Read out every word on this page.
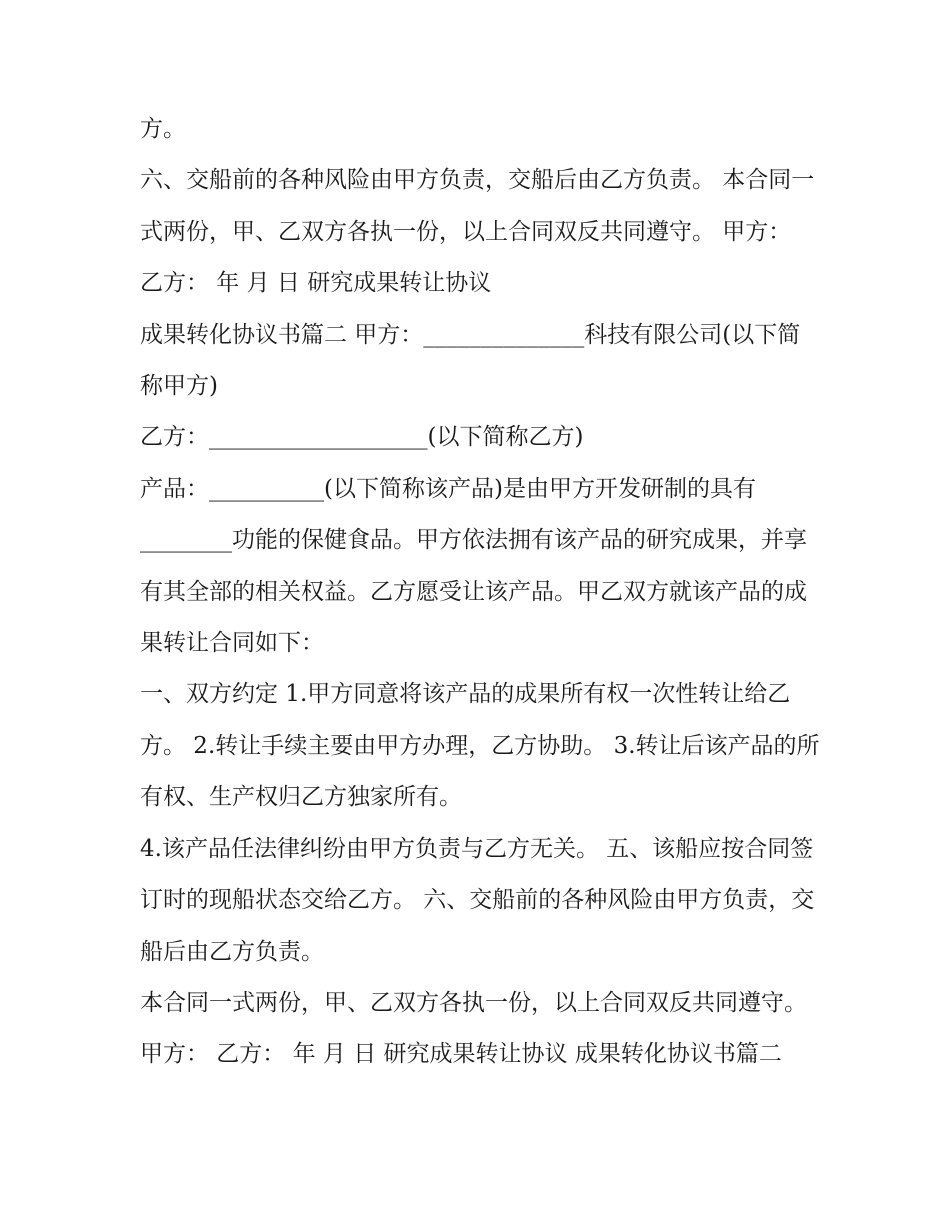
方。

六、交船前的各种风险由甲方负责，交船后由乙方负责。 本合同一式两份，甲、乙双方各执一份，以上合同双反共同遵守。 甲方： 乙方： 年 月 日 研究成果转让协议

成果转化协议书篇二 甲方：______________科技有限公司(以下简称甲方)

乙方：___________________(以下简称乙方)

产品：__________(以下简称该产品)是由甲方开发研制的具有________功能的保健食品。甲方依法拥有该产品的研究成果，并享有其全部的相关权益。乙方愿受让该产品。甲乙双方就该产品的成果转让合同如下：

一、双方约定 1.甲方同意将该产品的成果所有权一次性转让给乙方。 2.转让手续主要由甲方办理，乙方协助。 3.转让后该产品的所有权、生产权归乙方独家所有。

4.该产品任法律纠纷由甲方负责与乙方无关。 五、该船应按合同签订时的现船状态交给乙方。 六、交船前的各种风险由甲方负责，交船后由乙方负责。

本合同一式两份，甲、乙双方各执一份，以上合同双反共同遵守。 甲方： 乙方： 年 月 日 研究成果转让协议 成果转化协议书篇二
